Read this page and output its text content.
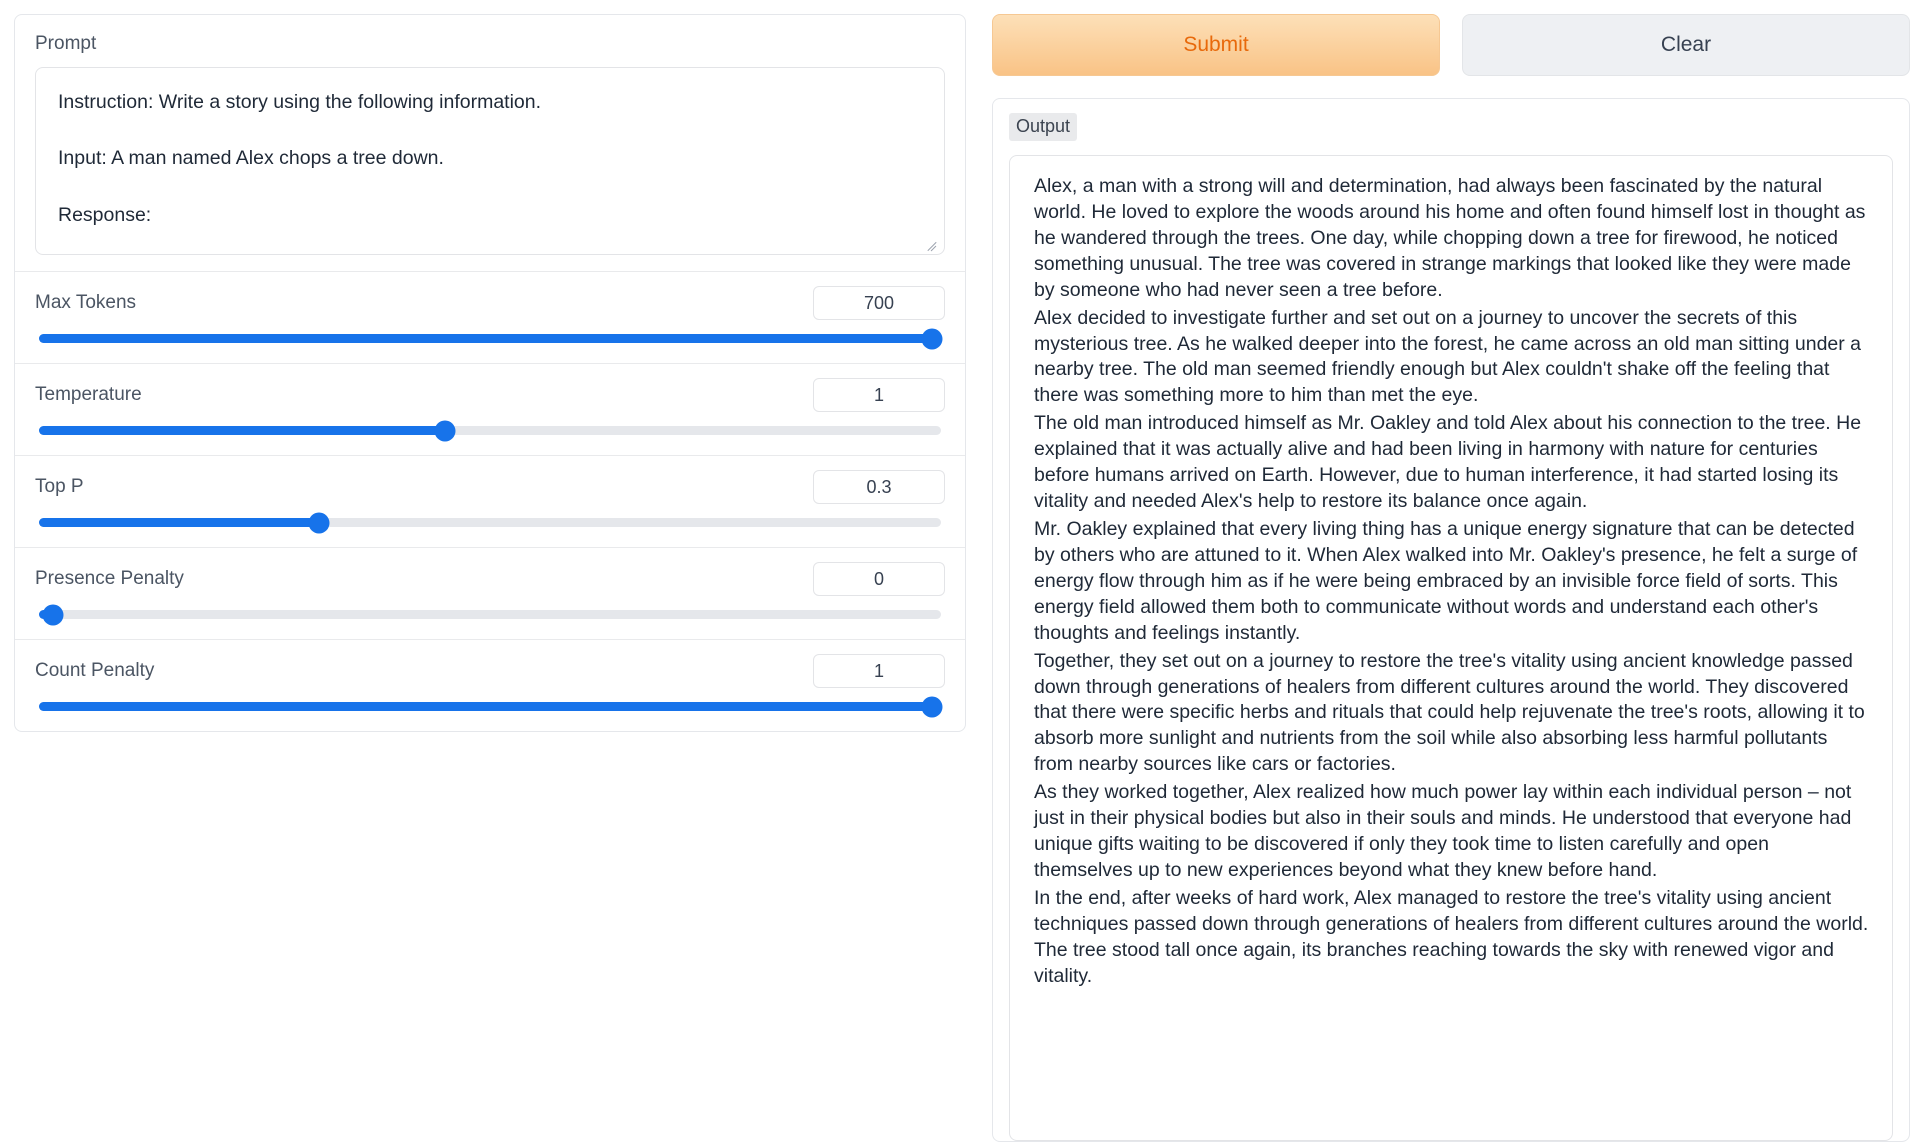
Prompt

Instruction: Write a story using the following information.

Input: A man named Alex chops a tree down.

Response:

Max Tokens	700
Temperature	1
Top P	0.3
Presence Penalty	0
Count Penalty	1
Submit	Clear
Output

Alex, a man with a strong will and determination, had always been fascinated by the natural world. He loved to explore the woods around his home and often found himself lost in thought as he wandered through the trees. One day, while chopping down a tree for firewood, he noticed something unusual. The tree was covered in strange markings that looked like they were made by someone who had never seen a tree before.

Alex decided to investigate further and set out on a journey to uncover the secrets of this mysterious tree. As he walked deeper into the forest, he came across an old man sitting under a nearby tree. The old man seemed friendly enough but Alex couldn't shake off the feeling that there was something more to him than met the eye.

The old man introduced himself as Mr. Oakley and told Alex about his connection to the tree. He explained that it was actually alive and had been living in harmony with nature for centuries before humans arrived on Earth. However, due to human interference, it had started losing its vitality and needed Alex's help to restore its balance once again.

Mr. Oakley explained that every living thing has a unique energy signature that can be detected by others who are attuned to it. When Alex walked into Mr. Oakley's presence, he felt a surge of energy flow through him as if he were being embraced by an invisible force field of sorts. This energy field allowed them both to communicate without words and understand each other's thoughts and feelings instantly.

Together, they set out on a journey to restore the tree's vitality using ancient knowledge passed down through generations of healers from different cultures around the world. They discovered that there were specific herbs and rituals that could help rejuvenate the tree's roots, allowing it to absorb more sunlight and nutrients from the soil while also absorbing less harmful pollutants from nearby sources like cars or factories.

As they worked together, Alex realized how much power lay within each individual person – not just in their physical bodies but also in their souls and minds. He understood that everyone had unique gifts waiting to be discovered if only they took time to listen carefully and open themselves up to new experiences beyond what they knew before hand.

In the end, after weeks of hard work, Alex managed to restore the tree's vitality using ancient techniques passed down through generations of healers from different cultures around the world. The tree stood tall once again, its branches reaching towards the sky with renewed vigor and vitality.
